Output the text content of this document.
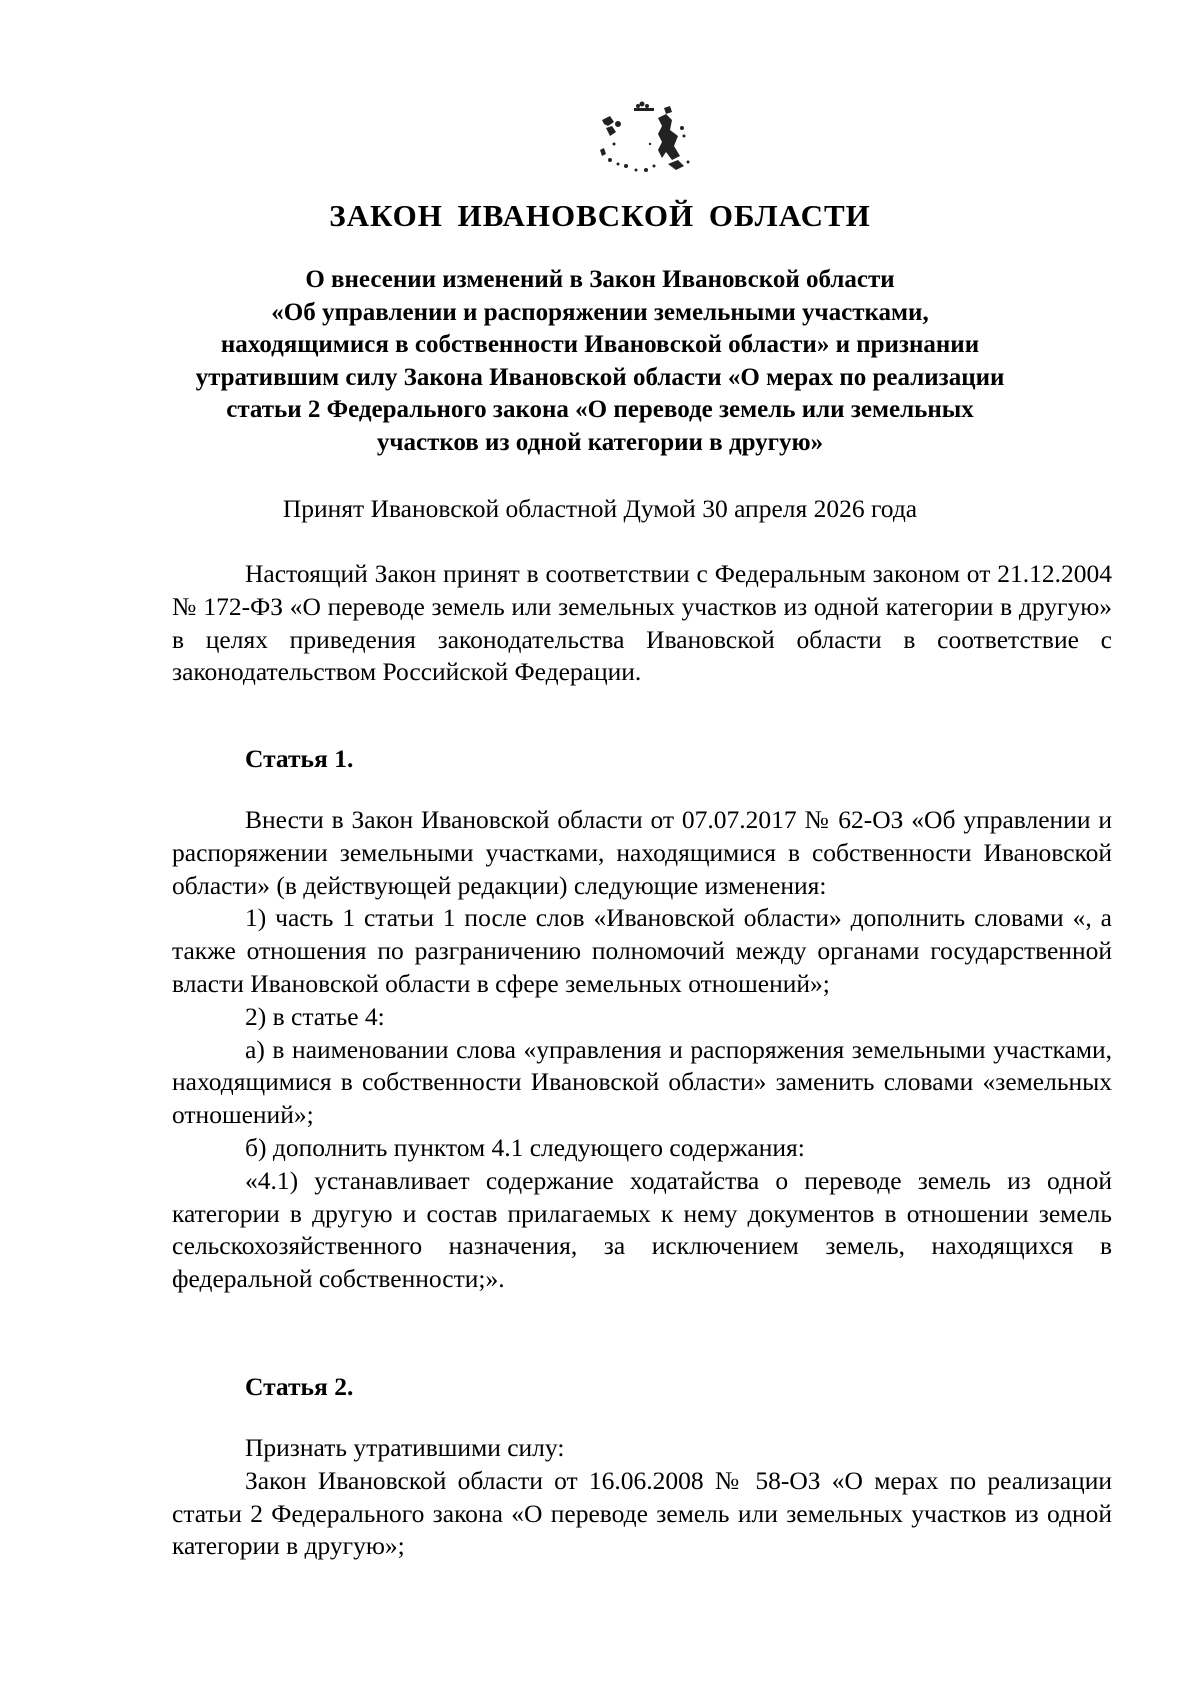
ЗАКОН ИВАНОВСКОЙ ОБЛАСТИ
О внесении изменений в Закон Ивановской области
«Об управлении и распоряжении земельными участками,
находящимися в собственности Ивановской области» и признании
утратившим силу Закона Ивановской области «О мерах по реализации
статьи 2 Федерального закона «О переводе земель или земельных
участков из одной категории в другую»
Принят Ивановской областной Думой 30 апреля 2026 года

Настоящий Закон принят в соответствии с Федеральным законом от 21.12.2004 № 172-ФЗ «О переводе земель или земельных участков из одной категории в другую» в целях приведения законодательства Ивановской области в соответствие с законодательством Российской Федерации.

Статья 1.

Внести в Закон Ивановской области от 07.07.2017 № 62-ОЗ «Об управлении и распоряжении земельными участками, находящимися в собственности Ивановской области» (в действующей редакции) следующие изменения:

1) часть 1 статьи 1 после слов «Ивановской области» дополнить словами «, а также отношения по разграничению полномочий между органами государственной власти Ивановской области в сфере земельных отношений»;

2) в статье 4:

а) в наименовании слова «управления и распоряжения земельными участками, находящимися в собственности Ивановской области» заменить словами «земельных отношений»;

б) дополнить пунктом 4.1 следующего содержания:

«4.1) устанавливает содержание ходатайства о переводе земель из одной категории в другую и состав прилагаемых к нему документов в отношении земель сельскохозяйственного назначения, за исключением земель, находящихся в федеральной собственности;».

Статья 2.

Признать утратившими силу:

Закон Ивановской области от 16.06.2008 № 58-ОЗ «О мерах по реализации статьи 2 Федерального закона «О переводе земель или земельных участков из одной категории в другую»;
